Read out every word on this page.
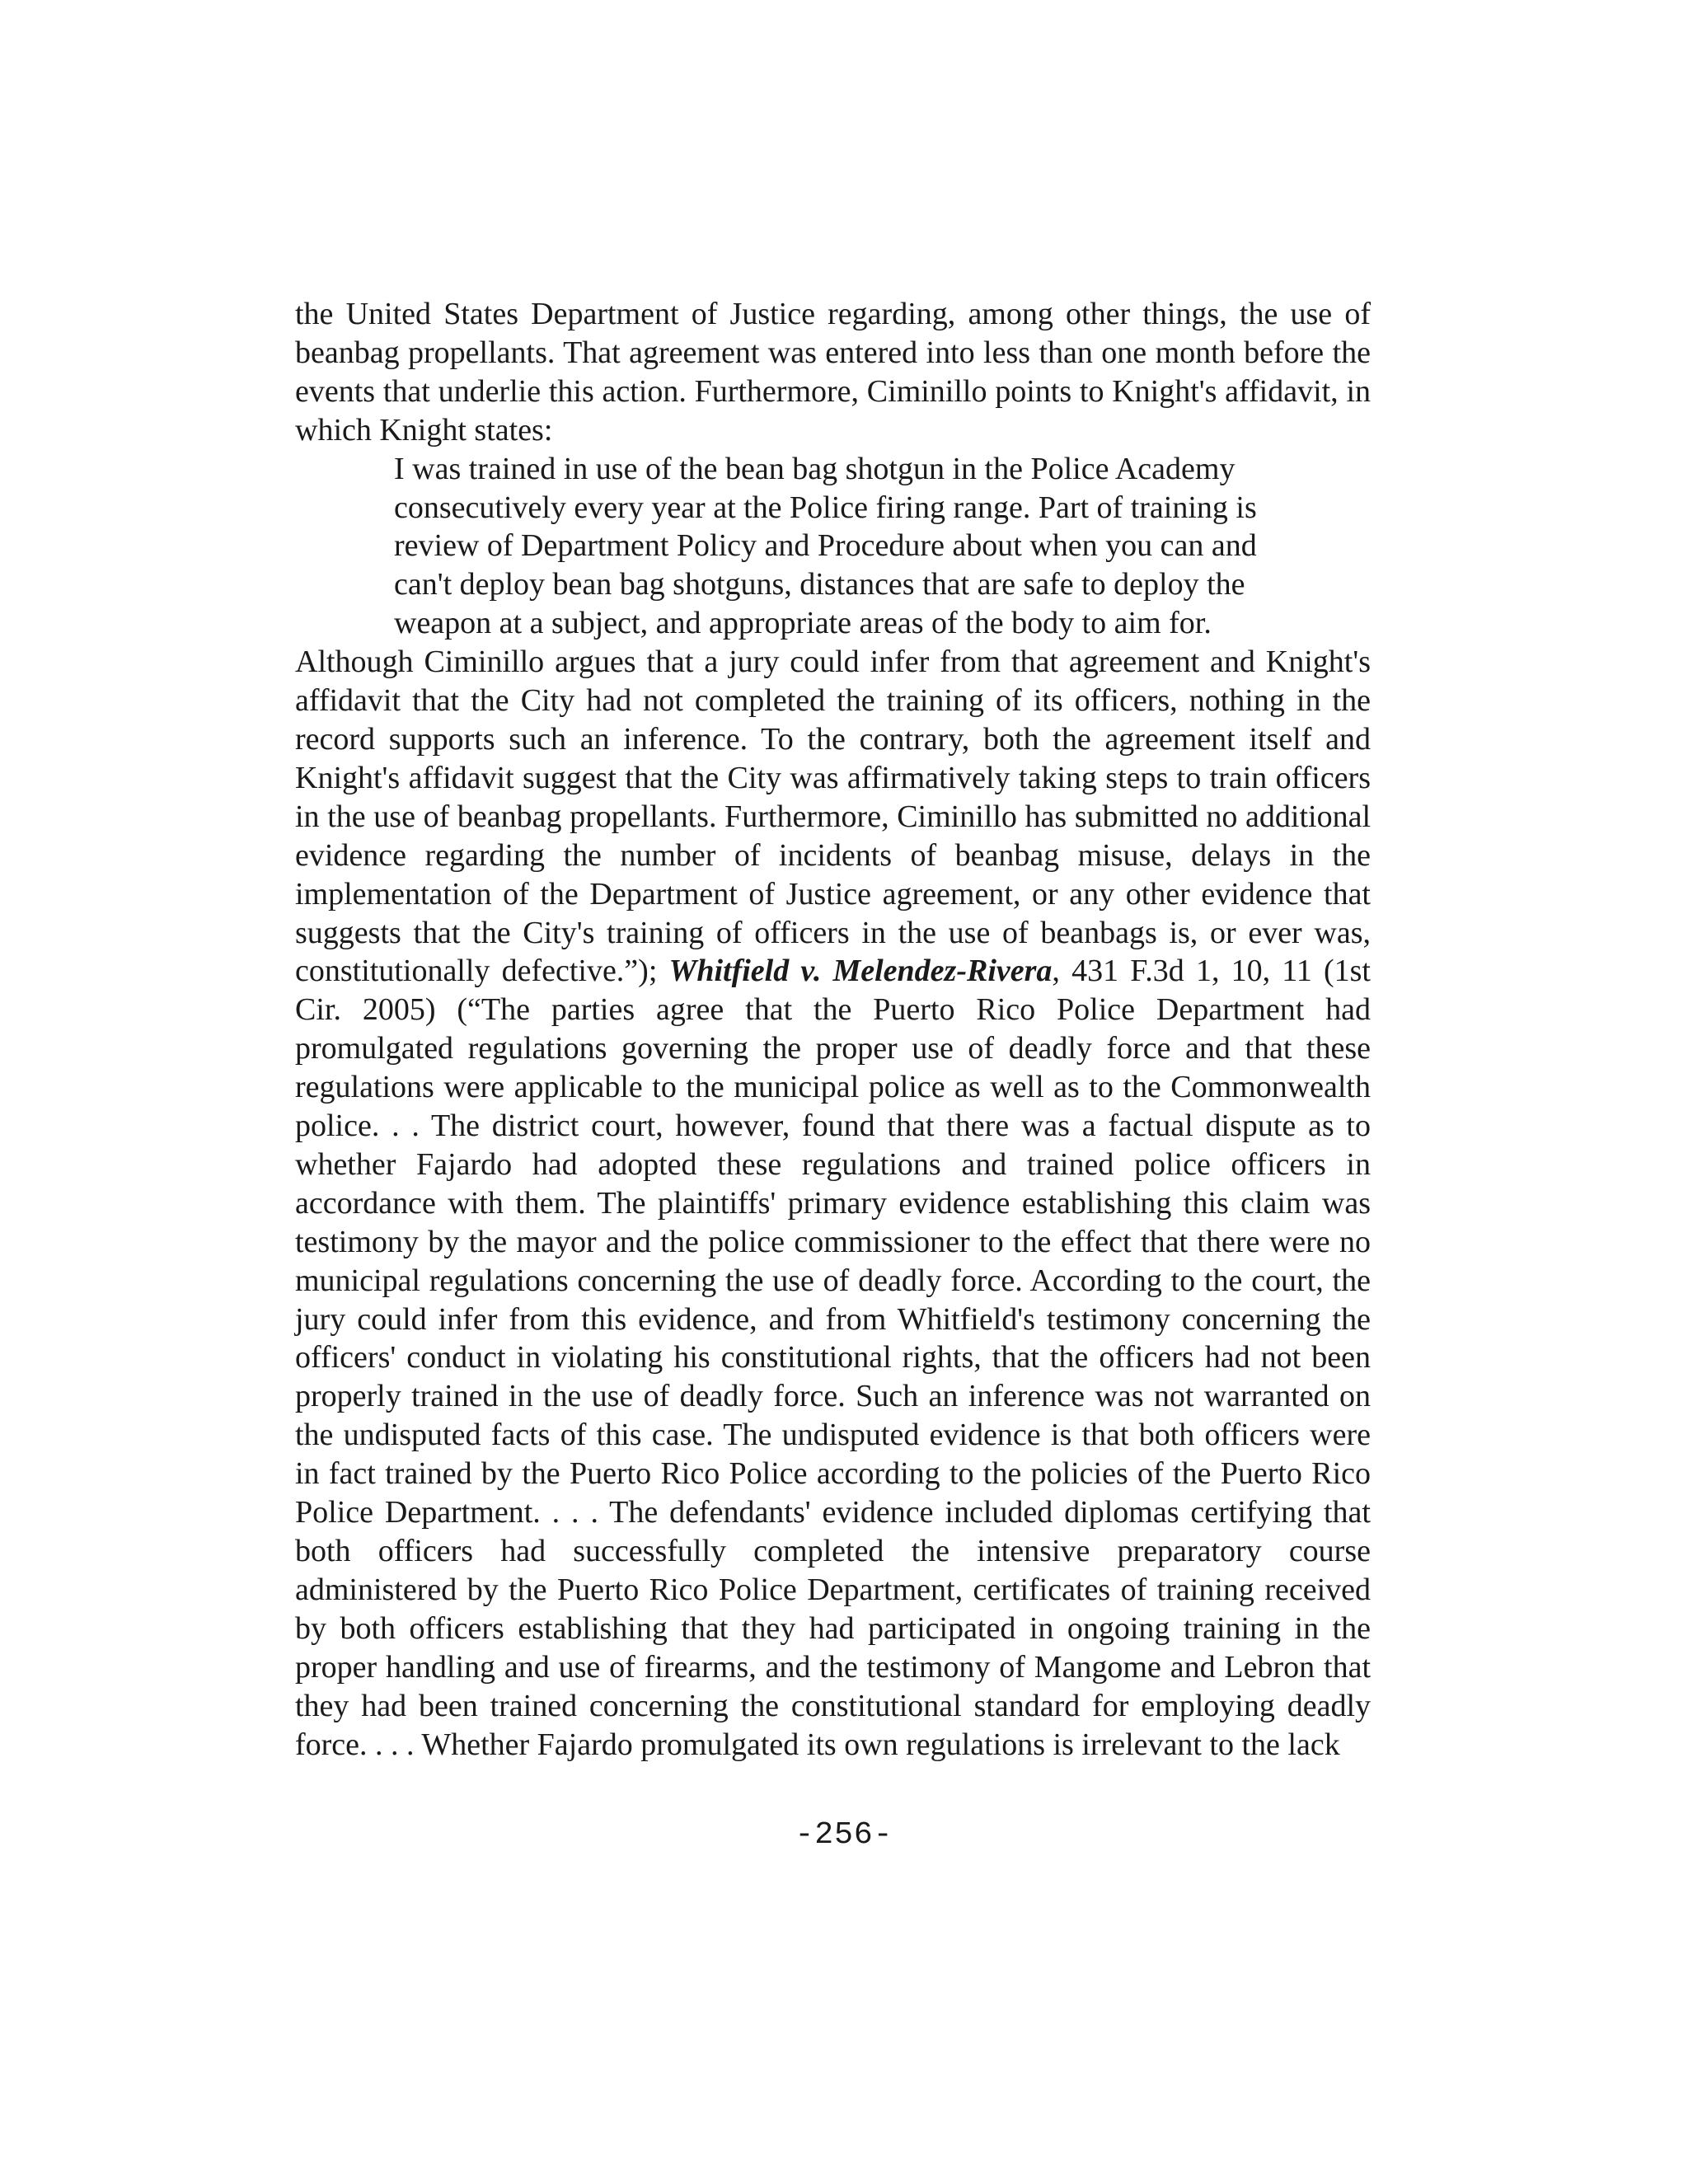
the United States Department of Justice regarding, among other things, the use of beanbag propellants. That agreement was entered into less than one month before the events that underlie this action. Furthermore, Ciminillo points to Knight's affidavit, in which Knight states:

I was trained in use of the bean bag shotgun in the Police Academy consecutively every year at the Police firing range. Part of training is review of Department Policy and Procedure about when you can and can't deploy bean bag shotguns, distances that are safe to deploy the weapon at a subject, and appropriate areas of the body to aim for.

Although Ciminillo argues that a jury could infer from that agreement and Knight's affidavit that the City had not completed the training of its officers, nothing in the record supports such an inference. To the contrary, both the agreement itself and Knight's affidavit suggest that the City was affirmatively taking steps to train officers in the use of beanbag propellants. Furthermore, Ciminillo has submitted no additional evidence regarding the number of incidents of beanbag misuse, delays in the implementation of the Department of Justice agreement, or any other evidence that suggests that the City's training of officers in the use of beanbags is, or ever was, constitutionally defective.”); Whitfield v. Melendez-Rivera, 431 F.3d 1, 10, 11 (1st Cir. 2005) (“The parties agree that the Puerto Rico Police Department had promulgated regulations governing the proper use of deadly force and that these regulations were applicable to the municipal police as well as to the Commonwealth police. . . The district court, however, found that there was a factual dispute as to whether Fajardo had adopted these regulations and trained police officers in accordance with them. The plaintiffs' primary evidence establishing this claim was testimony by the mayor and the police commissioner to the effect that there were no municipal regulations concerning the use of deadly force. According to the court, the jury could infer from this evidence, and from Whitfield's testimony concerning the officers' conduct in violating his constitutional rights, that the officers had not been properly trained in the use of deadly force. Such an inference was not warranted on the undisputed facts of this case. The undisputed evidence is that both officers were in fact trained by the Puerto Rico Police according to the policies of the Puerto Rico Police Department. . . . The defendants' evidence included diplomas certifying that both officers had successfully completed the intensive preparatory course administered by the Puerto Rico Police Department, certificates of training received by both officers establishing that they had participated in ongoing training in the proper handling and use of firearms, and the testimony of Mangome and Lebron that they had been trained concerning the constitutional standard for employing deadly force. . . . Whether Fajardo promulgated its own regulations is irrelevant to the lack

-256-
